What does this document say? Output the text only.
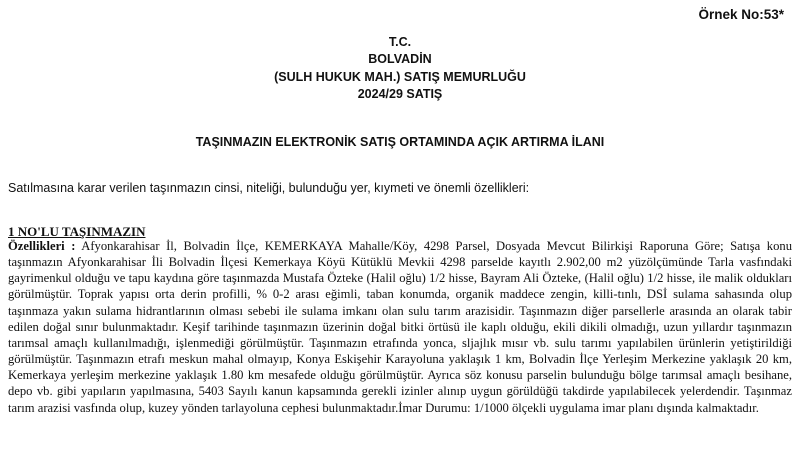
Örnek No:53*
T.C.
BOLVADİN
(SULH HUKUK MAH.) SATIŞ MEMURLUĞU
2024/29 SATIŞ
TAŞINMAZIN ELEKTRONİK SATIŞ ORTAMINDA AÇIK ARTIRMA İLANI
Satılmasına karar verilen taşınmazın cinsi, niteliği, bulunduğu yer, kıymeti ve önemli özellikleri:
1 NO'LU TAŞINMAZIN

Özellikleri : Afyonkarahisar İl, Bolvadin İlçe, KEMERKAYA Mahalle/Köy, 4298 Parsel, Dosyada Mevcut Bilirkişi Raporuna Göre; Satışa konu taşınmazın Afyonkarahisar İli Bolvadin İlçesi Kemerkaya Köyü Kütüklü Mevkii 4298 parselde kayıtlı 2.902,00 m2 yüzölçümünde Tarla vasfındaki gayrimenkul olduğu ve tapu kaydına göre taşınmazda Mustafa Özteke (Halil oğlu) 1/2 hisse, Bayram Ali Özteke, (Halil oğlu) 1/2 hisse, ile malik oldukları görülmüştür. Toprak yapısı orta derin profilli, % 0-2 arası eğimli, taban konumda, organik maddece zengin, killi-tınlı, DSİ sulama sahasında olup taşınmaza yakın sulama hidrantlarının olması sebebi ile sulama imkanı olan sulu tarım arazisidir. Taşınmazın diğer parsellerle arasında an olarak tabir edilen doğal sınır bulunmaktadır. Keşif tarihinde taşınmazın üzerinin doğal bitki örtüsü ile kaplı olduğu, ekili dikili olmadığı, uzun yıllardır taşınmazın tarımsal amaçlı kullanılmadığı, işlenmediği görülmüştür. Taşınmazın etrafında yonca, sljajlık mısır vb. sulu tarımı yapılabilen ürünlerin yetiştirildiği görülmüştür. Taşınmazın etrafı meskun mahal olmayıp, Konya Eskişehir Karayoluna yaklaşık 1 km, Bolvadin İlçe Yerleşim Merkezine yaklaşık 20 km, Kemerkaya yerleşim merkezine yaklaşık 1.80 km mesafede olduğu görülmüştür. Ayrıca söz konusu parselin bulunduğu bölge tarımsal amaçlı besihane, depo vb. gibi yapıların yapılmasına, 5403 Sayılı kanun kapsamında gerekli izinler alınıp uygun görüldüğü takdirde yapılabilecek yelerdendir. Taşınmaz tarım arazisi vasfında olup, kuzey yönden tarlayoluna cephesi bulunmaktadır.İmar Durumu: 1/1000 ölçekli uygulama imar planı dışında kalmaktadır.
